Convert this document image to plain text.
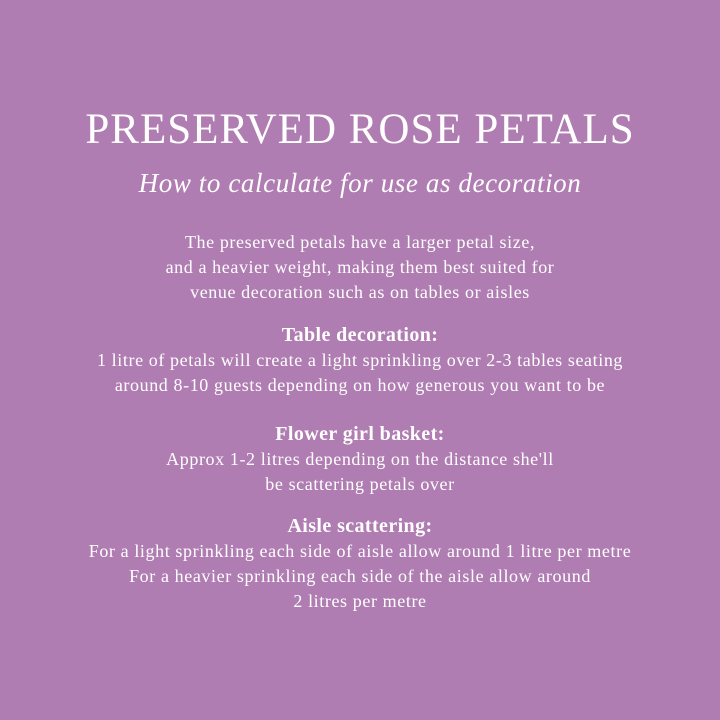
PRESERVED ROSE PETALS
How to calculate for use as decoration
The preserved petals have a larger petal size,
and a heavier weight, making them best suited for
venue decoration such as on tables or aisles
Table decoration:
1 litre of petals will create a light sprinkling over 2-3 tables seating
around 8-10 guests depending on how generous you want to be
Flower girl basket:
Approx 1-2 litres depending on the distance she'll
be scattering petals over
Aisle scattering:
For a light sprinkling each side of aisle allow around 1 litre per metre
For a heavier sprinkling each side of the aisle allow around
2 litres per metre
